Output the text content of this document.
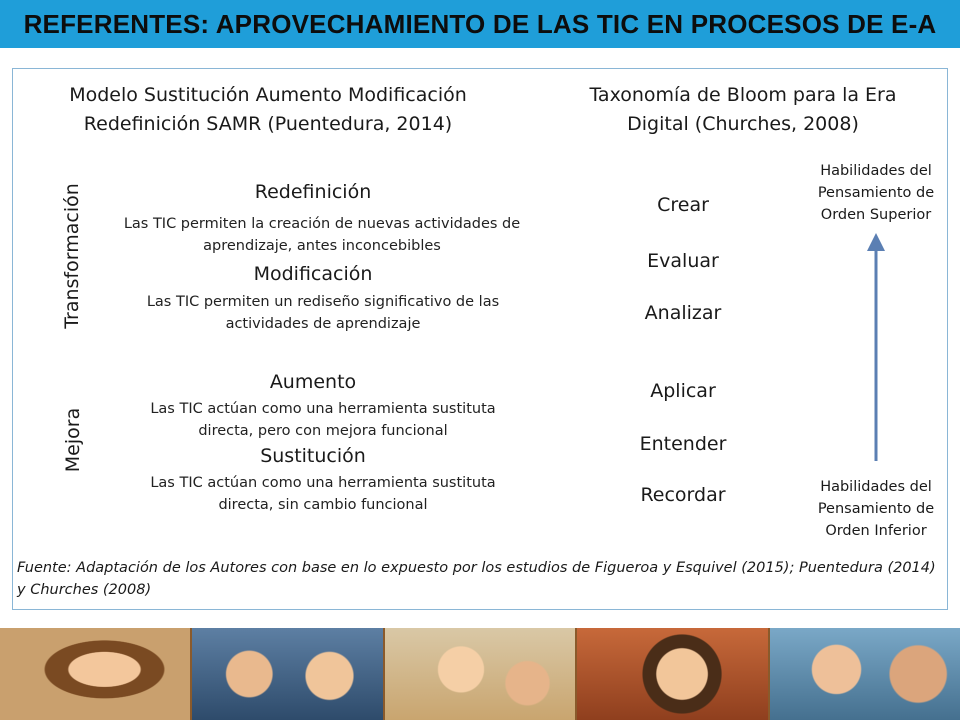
REFERENTES: APROVECHAMIENTO DE LAS TIC EN PROCESOS DE E-A
Modelo Sustitución Aumento Modificación Redefinición SAMR (Puentedura, 2014)
Taxonomía de Bloom para la Era Digital (Churches, 2008)
Transformación
Mejora
Redefinición
Las TIC permiten la creación de nuevas actividades de aprendizaje, antes inconcebibles
Modificación
Las TIC permiten un rediseño significativo de las actividades de aprendizaje
Aumento
Las TIC actúan como una herramienta sustituta directa, pero con mejora funcional
Sustitución
Las TIC actúan como una herramienta sustituta directa, sin cambio funcional
Crear
Evaluar
Analizar
Aplicar
Entender
Recordar
Habilidades del Pensamiento de Orden Superior
Habilidades del Pensamiento de Orden Inferior
Fuente: Adaptación de los Autores con base en lo expuesto por los estudios de Figueroa y Esquivel (2015); Puentedura (2014) y Churches (2008)
